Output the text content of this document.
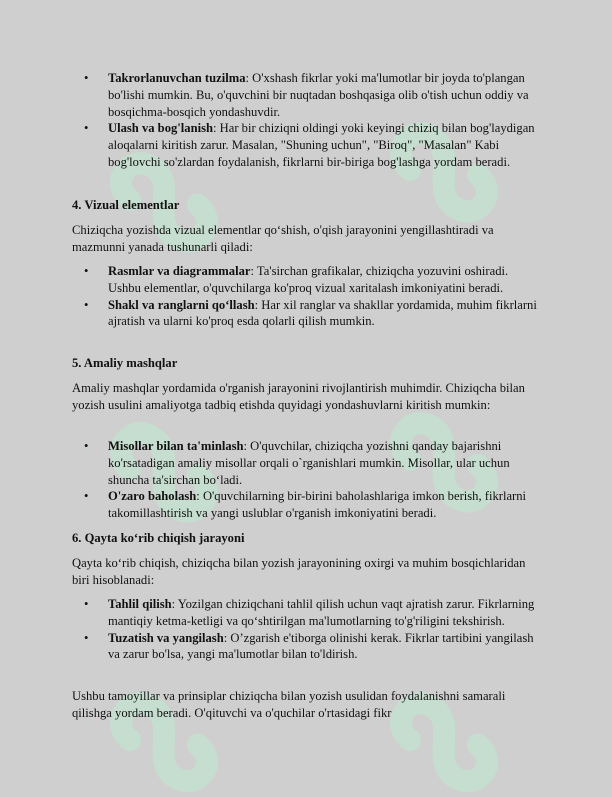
• Takrorlanuvchan tuzilma: O'xshash fikrlar yoki ma'lumotlar bir joyda to'plangan bo'lishi mumkin. Bu, o'quvchini bir nuqtadan boshqasiga olib o'tish uchun oddiy va bosqichma-bosqich yondashuvdir.
• Ulash va bog'lanish: Har bir chiziqni oldingi yoki keyingi chiziq bilan bog'laydigan aloqalarni kiritish zarur. Masalan, "Shuning uchun", "Biroq", "Masalan" Kabi bog'lovchi so'zlardan foydalanish, fikrlarni bir-biriga bog'lashga yordam beradi.
4. Vizual elementlar

Chiziqcha yozishda vizual elementlar qo‘shish, o'qish jarayonini yengillashtiradi va mazmunni yanada tushunarli qiladi:

• Rasmlar va diagrammalar: Ta'sirchan grafikalar, chiziqcha yozuvini oshiradi. Ushbu elementlar, o'quvchilarga ko'proq vizual xaritalash imkoniyatini beradi.
• Shakl va ranglarni qo‘llash: Har xil ranglar va shakllar yordamida, muhim fikrlarni ajratish va ularni ko'proq esda qolarli qilish mumkin.
5. Amaliy mashqlar

Amaliy mashqlar yordamida o'rganish jarayonini rivojlantirish muhimdir. Chiziqcha bilan yozish usulini amaliyotga tadbiq etishda quyidagi yondashuvlarni kiritish mumkin:

• Misollar bilan ta'minlash: O'quvchilar, chiziqcha yozishni qanday bajarishni ko'rsatadigan amaliy misollar orqali o`rganishlari mumkin. Misollar, ular uchun shuncha ta'sirchan bo‘ladi.
• O'zaro baholash: O'quvchilarning bir-birini baholashlariga imkon berish, fikrlarni takomillashtirish va yangi uslublar o'rganish imkoniyatini beradi.
6. Qayta ko‘rib chiqish jarayoni

Qayta ko‘rib chiqish, chiziqcha bilan yozish jarayonining oxirgi va muhim bosqichlaridan biri hisoblanadi:

• Tahlil qilish: Yozilgan chiziqchani tahlil qilish uchun vaqt ajratish zarur. Fikrlarning mantiqiy ketma-ketligi va qo‘shtirilgan ma'lumotlarning to'g'riligini tekshirish.
• Tuzatish va yangilash: O’zgarish e'tiborga olinishi kerak. Fikrlar tartibini yangilash va zarur bo'lsa, yangi ma'lumotlar bilan to'ldirish.

Ushbu tamoyillar va prinsiplar chiziqcha bilan yozish usulidan foydalanishni samarali qilishga yordam beradi. O'qituvchi va o'quchilar o'rtasidagi fikr
